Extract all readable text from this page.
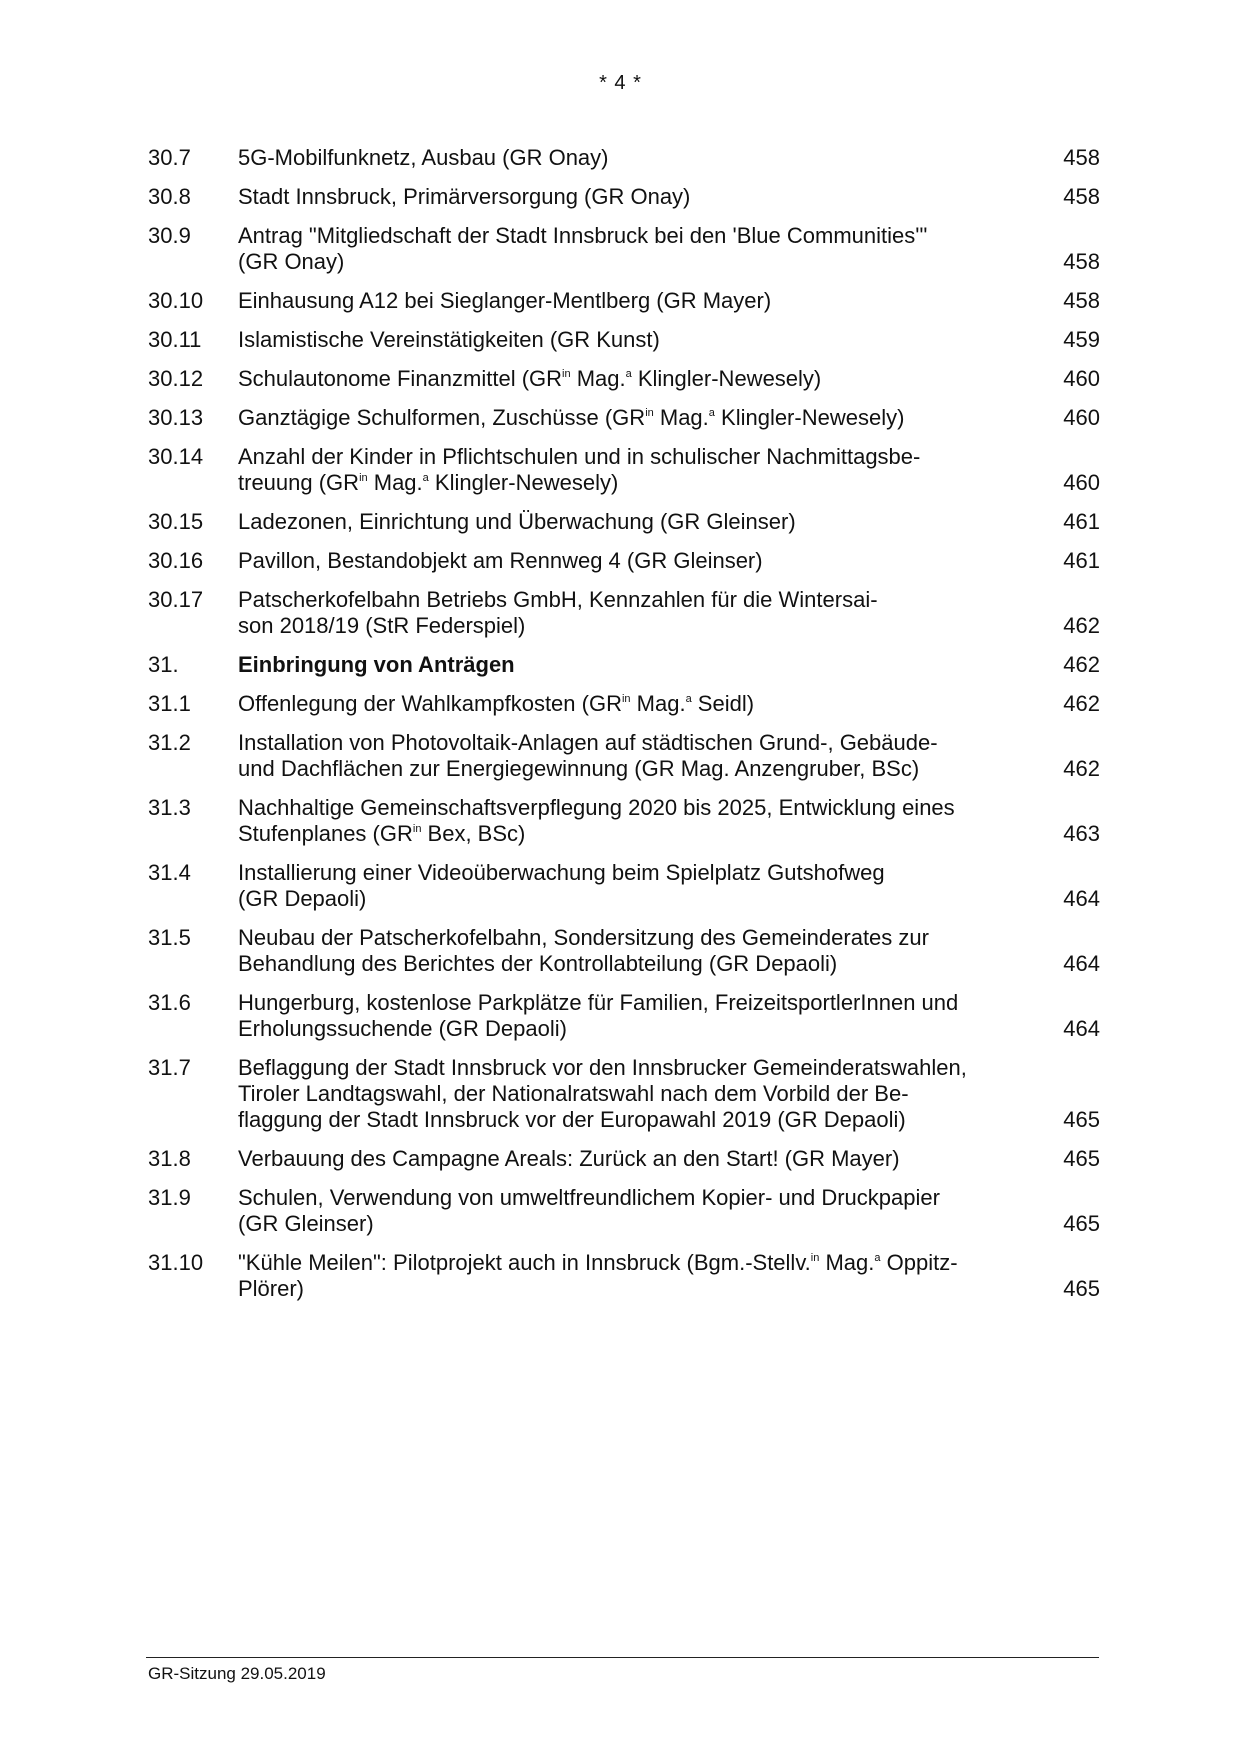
* 4 *
30.7	5G-Mobilfunknetz, Ausbau (GR Onay)	458
30.8	Stadt Innsbruck, Primärversorgung (GR Onay)	458
30.9	Antrag "Mitgliedschaft der Stadt Innsbruck bei den 'Blue Communities'"
(GR Onay)	458
30.10	Einhausung A12 bei Sieglanger-Mentlberg (GR Mayer)	458
30.11	Islamistische Vereinstätigkeiten (GR Kunst)	459
30.12	Schulautonome Finanzmittel ($GR^{in}$ Mag.$^a$ Klingler-Newesely)	460
30.13	Ganztägige Schulformen, Zuschüsse ($GR^{in}$ Mag.$^a$ Klingler-Newesely)	460
30.14	Anzahl der Kinder in Pflichtschulen und in schulischer Nachmittagsbe-
treuung ($GR^{in}$ Mag.$^a$ Klingler-Newesely)	460
30.15	Ladezonen, Einrichtung und Überwachung (GR Gleinser)	461
30.16	Pavillon, Bestandobjekt am Rennweg 4 (GR Gleinser)	461
30.17	Patscherkofelbahn Betriebs GmbH, Kennzahlen für die Wintersai-
son 2018/19 (StR Federspiel)	462
31.	Einbringung von Anträgen	462
31.1	Offenlegung der Wahlkampfkosten ($GR^{in}$ Mag.$^a$ Seidl)	462
31.2	Installation von Photovoltaik-Anlagen auf städtischen Grund-, Gebäude-
und Dachflächen zur Energiegewinnung (GR Mag. Anzengruber, BSc)	462
31.3	Nachhaltige Gemeinschaftsverpflegung 2020 bis 2025, Entwicklung eines
Stufenplanes ($GR^{in}$ Bex, BSc)	463
31.4	Installierung einer Videoüberwachung beim Spielplatz Gutshofweg
(GR Depaoli)	464
31.5	Neubau der Patscherkofelbahn, Sondersitzung des Gemeinderates zur
Behandlung des Berichtes der Kontrollabteilung (GR Depaoli)	464
31.6	Hungerburg, kostenlose Parkplätze für Familien, FreizeitsportlerInnen und
Erholungssuchende (GR Depaoli)	464
31.7	Beflaggung der Stadt Innsbruck vor den Innsbrucker Gemeinderatswahlen,
Tiroler Landtagswahl, der Nationalratswahl nach dem Vorbild der Be-
flaggung der Stadt Innsbruck vor der Europawahl 2019 (GR Depaoli)	465
31.8	Verbauung des Campagne Areals: Zurück an den Start! (GR Mayer)	465
31.9	Schulen, Verwendung von umweltfreundlichem Kopier- und Druckpapier
(GR Gleinser)	465
31.10	"Kühle Meilen": Pilotprojekt auch in Innsbruck (Bgm.-Stellv.$^{in}$ Mag.$^a$ Oppitz-
Plörer)	465
GR-Sitzung 29.05.2019
